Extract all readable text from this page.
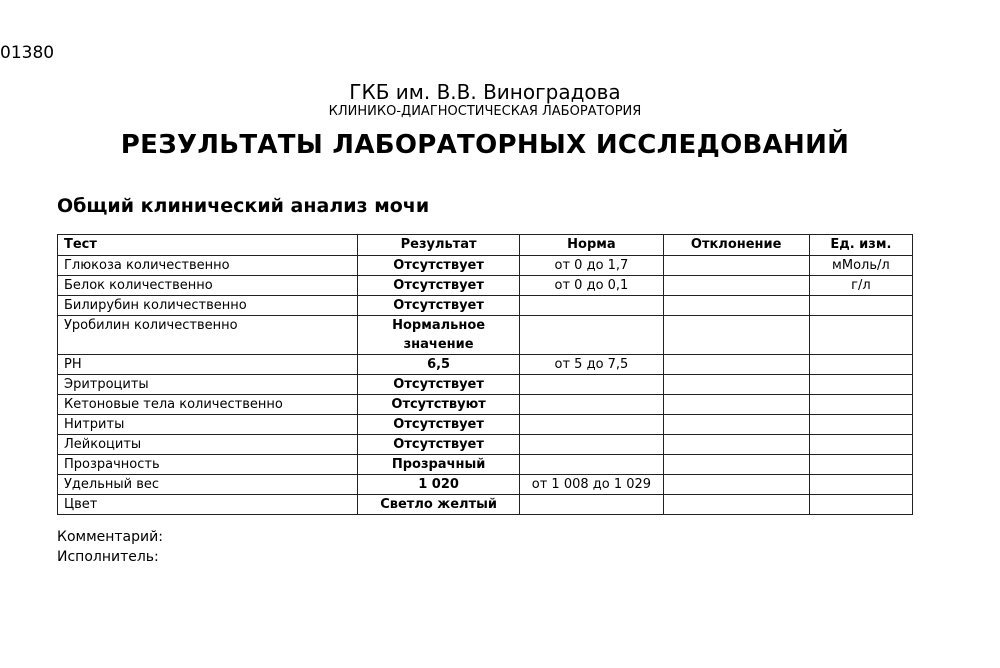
01380
ГКБ им. В.В. Виноградова
КЛИНИКО-ДИАГНОСТИЧЕСКАЯ ЛАБОРАТОРИЯ
РЕЗУЛЬТАТЫ ЛАБОРАТОРНЫХ ИССЛЕДОВАНИЙ
Общий клинический анализ мочи
Тест	Результат	Норма	Отклонение	Ед. изм.
Глюкоза количественно	Отсутствует	от 0 до 1,7		мМоль/л
Белок количественно	Отсутствует	от 0 до 0,1		г/л
Билирубин количественно	Отсутствует			
Уробилин количественно	Нормальное значение			
PH	6,5	от 5 до 7,5		
Эритроциты	Отсутствует			
Кетоновые тела количественно	Отсутствуют			
Нитриты	Отсутствует			
Лейкоциты	Отсутствует			
Прозрачность	Прозрачный			
Удельный вес	1 020	от 1 008 до 1 029		
Цвет	Светло желтый			
Комментарий:
Исполнитель:
